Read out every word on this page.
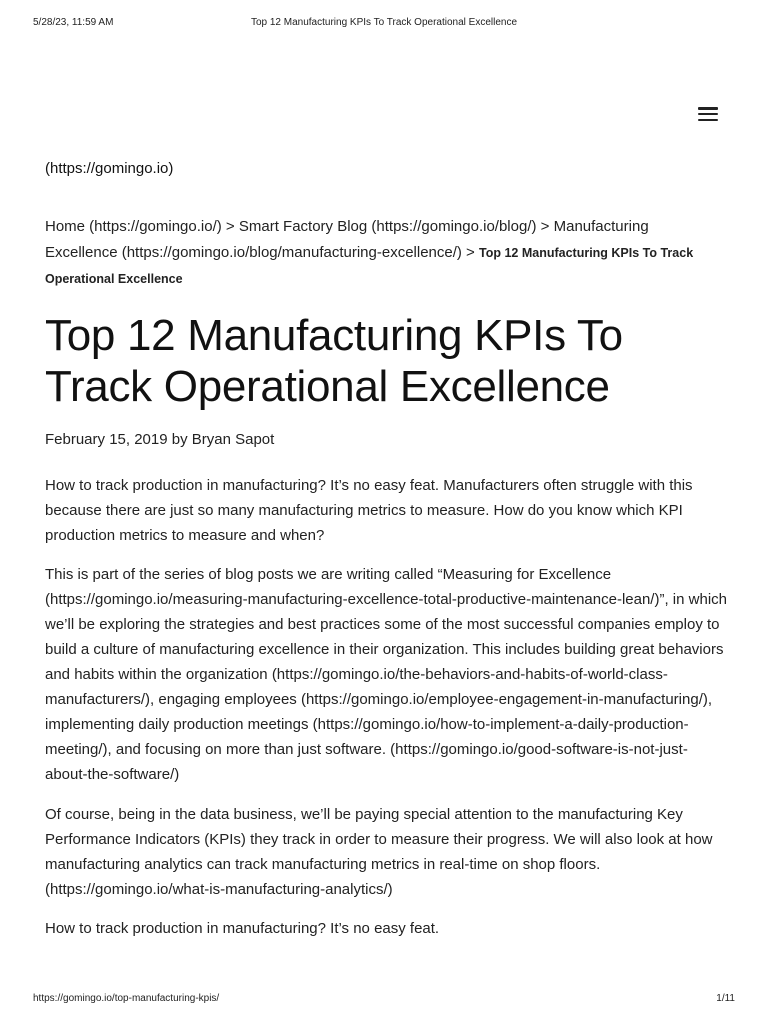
5/28/23, 11:59 AM	Top 12 Manufacturing KPIs To Track Operational Excellence
(https://gomingo.io)
Home (https://gomingo.io/) > Smart Factory Blog (https://gomingo.io/blog/) > Manufacturing Excellence (https://gomingo.io/blog/manufacturing-excellence/) > Top 12 Manufacturing KPIs To Track Operational Excellence
Top 12 Manufacturing KPIs To Track Operational Excellence
February 15, 2019 by Bryan Sapot

How to track production in manufacturing? It’s no easy feat. Manufacturers often struggle with this because there are just so many manufacturing metrics to measure. How do you know which KPI production metrics to measure and when?

This is part of the series of blog posts we are writing called “Measuring for Excellence (https://gomingo.io/measuring-manufacturing-excellence-total-productive-maintenance-lean/)”, in which we’ll be exploring the strategies and best practices some of the most successful companies employ to build a culture of manufacturing excellence in their organization. This includes building great behaviors and habits within the organization (https://gomingo.io/the-behaviors-and-habits-of-world-class-manufacturers/), engaging employees (https://gomingo.io/employee-engagement-in-manufacturing/), implementing daily production meetings (https://gomingo.io/how-to-implement-a-daily-production-meeting/), and focusing on more than just software. (https://gomingo.io/good-software-is-not-just-about-the-software/)

Of course, being in the data business, we’ll be paying special attention to the manufacturing Key Performance Indicators (KPIs) they track in order to measure their progress. We will also look at how manufacturing analytics can track manufacturing metrics in real-time on shop floors. (https://gomingo.io/what-is-manufacturing-analytics/)

How to track production in manufacturing? It’s no easy feat.

https://gomingo.io/top-manufacturing-kpis/	1/11
